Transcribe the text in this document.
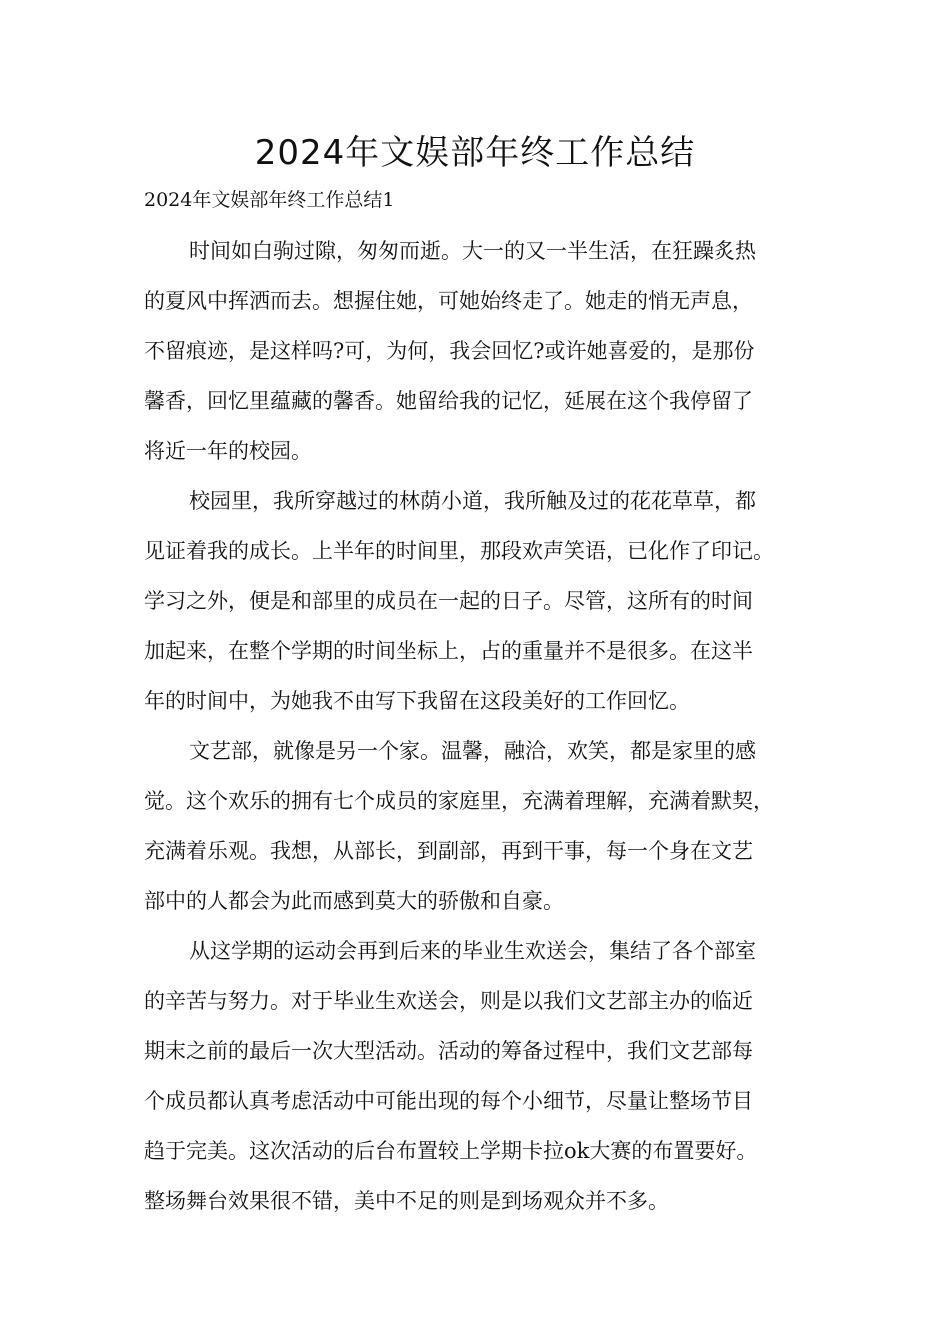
2024年文娱部年终工作总结

2024年文娱部年终工作总结1

时间如白驹过隙，匆匆而逝。大一的又一半生活，在狂躁炙热
的夏风中挥洒而去。想握住她，可她始终走了。她走的悄无声息，
不留痕迹，是这样吗?可，为何，我会回忆?或许她喜爱的，是那份
馨香，回忆里蕴藏的馨香。她留给我的记忆，延展在这个我停留了
将近一年的校园。
校园里，我所穿越过的林荫小道，我所触及过的花花草草，都
见证着我的成长。上半年的时间里，那段欢声笑语，已化作了印记。
学习之外，便是和部里的成员在一起的日子。尽管，这所有的时间
加起来，在整个学期的时间坐标上，占的重量并不是很多。在这半
年的时间中，为她我不由写下我留在这段美好的工作回忆。
文艺部，就像是另一个家。温馨，融洽，欢笑，都是家里的感
觉。这个欢乐的拥有七个成员的家庭里，充满着理解，充满着默契，
充满着乐观。我想，从部长，到副部，再到干事，每一个身在文艺
部中的人都会为此而感到莫大的骄傲和自豪。
从这学期的运动会再到后来的毕业生欢送会，集结了各个部室
的辛苦与努力。对于毕业生欢送会，则是以我们文艺部主办的临近
期末之前的最后一次大型活动。活动的筹备过程中，我们文艺部每
个成员都认真考虑活动中可能出现的每个小细节，尽量让整场节目
趋于完美。这次活动的后台布置较上学期卡拉ok大赛的布置要好。
整场舞台效果很不错，美中不足的则是到场观众并不多。
